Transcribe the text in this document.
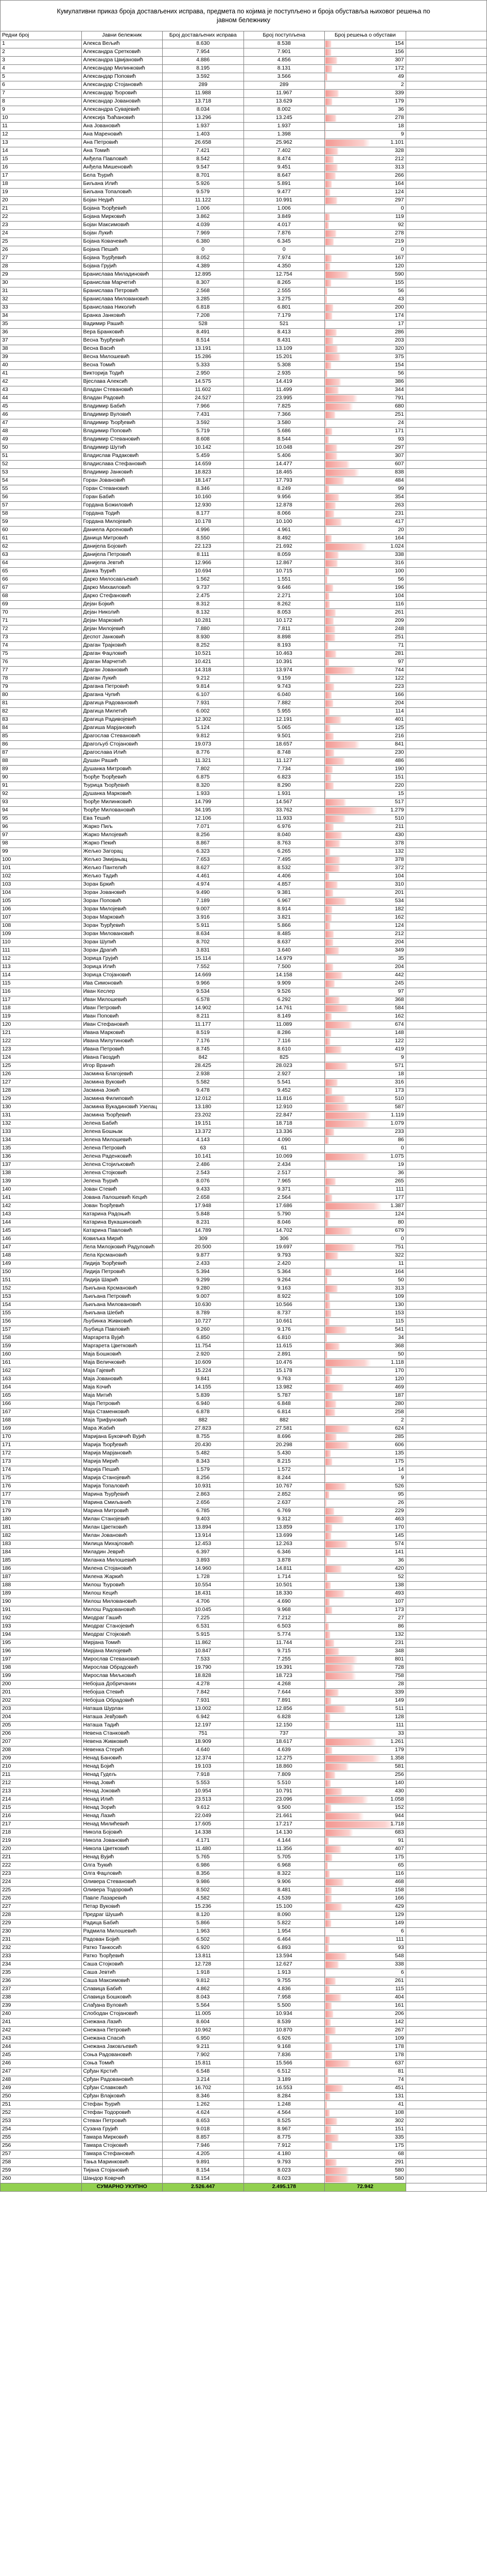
Кумулативни приказ броја достављених исправа, предмета по којима је поступљено и броја обуставља њиховог решења по јавном бележнику					
Редни број	Јавни бележник	Број достављених исправа	Број поступљена	Број решења о обустави	
1	Алекса Вељић	8.630	8.538	154	
2	Александра Сретковић	7.954	7.901	156	
3	Александра Цвијановић	4.886	4.856	307	
4	Александар Милинковић	8.195	8.131	172	
5	Александар Поповић	3.592	3.566	49	
6	Александар Стојановић	289	289	2	
7	Александар Ђоровић	11.988	11.967	339	
8	Александар Јовановић	13.718	13.629	179	
9	Александра Сувајевић	8.034	8.002	36	
10	Алексија Ђаћановић	13.296	13.245	278	
11	Ана Јовановић	1.937	1.937	18	
12	Ана Мареновић	1.403	1.398	9	
13	Ана Петровић	26.658	25.962	1.101	
14	Ана Томић	7.421	7.402	328	
15	Анђела Павловић	8.542	8.474	212	
16	Анђела Мишеновић	9.547	9.451	313	
17	Бела Ђурић	8.701	8.647	266	
18	Биљана Илић	5.926	5.891	164	
19	Биљана Топаловић	9.579	9.477	124	
20	Бојан Недић	11.122	10.991	297	
21	Бојана Ђорђевић	1.006	1.006	0	
22	Бојана Мирковић	3.862	3.849	119	
23	Бојан Максимовић	4.039	4.017	92	
24	Бојан Лукић	7.969	7.876	278	
25	Бојана Ковачевић	6.380	6.345	219	
26	Бојана Пешић	0	0	0	
27	Бојана Ђурђевић	8.052	7.974	167	
28	Бојана Грујић	4.389	4.350	120	
29	Бранислава Миладиновић	12.895	12.754	590	
30	Бранислав Марчетић	8.307	8.265	155	
31	Бранислава Петровић	2.568	2.555	56	
32	Бранислава Миловановић	3.285	3.275	43	
33	Бранислава Николић	6.818	6.801	200	
34	Бранка Јанковић	7.208	7.179	174	
35	Вадимир Рашић	528	521	17	
36	Вера Бранковић	8.491	8.413	286	
37	Весна Ђурђевић	8.514	8.431	203	
38	Весна Васић	13.191	13.109	320	
39	Весна Милошевић	15.286	15.201	375	
40	Весна Томић	5.333	5.308	154	
41	Викторија Тодић	2.950	2.935	56	
42	Вјеслава Алексић	14.575	14.419	386	
43	Владан Стевановић	11.602	11.499	344	
44	Владан Радовић	24.527	23.995	791	
45	Владимир Бабић	7.966	7.825	680	
46	Владимир Вуловић	7.431	7.366	251	
47	Владимир Ђорђевић	3.592	3.580	24	
48	Владимир Поповић	5.719	5.686	171	
49	Владимир Стевановић	8.608	8.544	93	
50	Владимир Шутић	10.142	10.048	297	
51	Владислав Радаковић	5.459	5.406	307	
52	Владислава Стефановић	14.659	14.477	607	
53	Владимир Јанковић	18.823	18.465	838	
54	Горан Јовановић	18.147	17.793	484	
55	Горан Стевановић	8.346	8.249	99	
56	Горан Бабић	10.160	9.956	354	
57	Гордана Божиловић	12.930	12.878	263	
58	Гордана Тодић	8.177	8.066	231	
59	Гордана Милојевић	10.178	10.100	417	
60	Даниела Арсеновић	4.996	4.961	20	
61	Даница Митровић	8.550	8.492	164	
62	Данијела Бојовић	22.123	21.692	1.024	
63	Данијела Петровић	8.111	8.059	338	
64	Данијела Јевтић	12.966	12.867	316	
65	Данка Ђурић	10.694	10.715	100	
66	Дарко Милосављевић	1.562	1.551	56	
67	Дарко Михаиловић	9.737	9.646	196	
68	Дарко Стефановић	2.475	2.271	104	
69	Дејан Бојкић	8.312	8.262	116	
70	Дејан Николић	8.132	8.053	261	
71	Дејан Марковић	10.281	10.172	209	
72	Дејан Милојевић	7.880	7.811	248	
73	Деспот Јанковић	8.930	8.898	251	
74	Драган Трајковић	8.252	8.193	71	
75	Драган Фаџловић	10.521	10.463	281	
76	Драган Марчетић	10.421	10.391	97	
77	Драган Јовановић	14.318	13.974	744	
78	Драган Лукић	9.212	9.159	122	
79	Драгана Петровић	9.814	9.743	223	
80	Драгана Чупић	6.107	6.040	166	
81	Драгица Радовановић	7.931	7.882	204	
82	Драгица Милетић	6.002	5.955	114	
83	Драгица Радивојевић	12.302	12.191	401	
84	Драгиша Марјановић	5.124	5.065	125	
85	Драгослав Стевановић	9.812	9.501	216	
86	Драгољуб Стојановић	19.073	18.657	841	
87	Драгослава Илић	8.776	8.748	230	
88	Душан Рашић	11.321	11.127	486	
89	Душанка Митровић	7.802	7.734	190	
90	Ђорђе Ђорђевић	6.875	6.823	151	
91	Ђурица Ђорђевић	8.320	8.290	220	
92	Душанка Марковић	1.933	1.931	15	
93	Ђорђе Милинковић	14.799	14.567	517	
94	Ђорђе Миловановић	34.195	33.762	1.279	
95	Ева Тешић	12.106	11.933	510	
96	Жарко Пиљ	7.071	6.976	211	
97	Жарко Милојевић	8.256	8.040	430	
98	Жарко Пекић	8.867	8.763	378	
99	Жељко Загорац	6.323	6.265	132	
100	Жељко Змијањац	7.653	7.495	378	
101	Жељко Пантелић	8.627	8.532	372	
102	Жељко Тадић	4.461	4.406	104	
103	Зоран Бркић	4.974	4.857	310	
104	Зоран Јовановић	9.490	9.381	201	
105	Зоран Поповић	7.189	6.967	534	
106	Зоран Милојевић	9.007	8.914	182	
107	Зоран Марковић	3.916	3.821	162	
108	Зоран Ђурђевић	5.911	5.866	124	
109	Зоран Миловановић	8.634	8.485	212	
110	Зоран Шупић	8.702	8.637	204	
111	Зоран Драгић	3.831	3.640	349	
112	Зорица Грујић	15.114	14.979	35	
113	Зорица Илић	7.552	7.500	204	
114	Зорица Стојановић	14.669	14.158	442	
115	Ива Симоновић	9.966	9.909	245	
116	Иван Кеслер	9.534	9.526	97	
117	Иван Милошевић	6.578	6.292	368	
118	Иван Петровић	14.902	14.761	584	
119	Иван Поповић	8.211	8.149	162	
120	Иван Стефановић	11.177	11.089	674	
121	Ивана Марковић	8.519	8.286	148	
122	Ивана Милутиновић	7.176	7.116	122	
123	Ивана Петровић	8.745	8.610	419	
124	Ивана Гвоздић	842	825	9	
125	Игор Вранић	28.425	28.023	571	
126	Јасмина Благојевић	2.938	2.927	18	
127	Јасмина Вуковић	5.582	5.541	316	
128	Јасмина Јокић	9.478	9.452	173	
129	Јасмина Филиповић	12.012	11.816	510	
130	Јасмина Вукадиновић Узелац	13.180	12.910	587	
131	Јасмина Ђорђевић	23.202	22.847	1.119	
132	Јелена Бабић	19.151	18.718	1.079	
133	Јелена Бошњак	13.372	13.336	233	
134	Јелена Милошевић	4.143	4.090	86	
135	Јелена Петровић	63	61	0	
136	Јелена Раденковић	10.141	10.069	1.075	
137	Јелена Стојиљковић	2.486	2.434	19	
138	Јелена Стојковић	2.543	2.517	36	
139	Јелена Ђурић	8.076	7.965	265	
140	Јован Стевић	9.433	9.371	111	
141	Јована Лалошевић Кецић	2.658	2.564	177	
142	Јован Ђорђевић	17.948	17.686	1.387	
143	Катарина Радоњић	5.848	5.790	124	
144	Катарина Вукашиновић	8.231	8.046	80	
145	Катарина Павловић	14.789	14.702	679	
146	Ковиљка Мирић	309	306	0	
147	Лела Милојковић Радуловић	20.500	19.697	751	
148	Лела Крсмановић	9.877	9.793	322	
149	Лидија Ђорђевић	2.433	2.420	11	
150	Лидија Петровић	5.394	5.364	164	
151	Лидија Шарић	9.299	9.264	50	
152	Љиљана Крсмановић	9.280	9.163	313	
153	Љиљана Петровић	9.007	8.922	109	
154	Љиљана Миловановић	10.630	10.566	130	
155	Љиљана Шебић	8.789	8.737	153	
156	Љубинка Живковић	10.727	10.661	115	
157	Љубица Павловић	9.260	9.176	541	
158	Маргарета Вујић	6.850	6.810	34	
159	Маргарета Цветковић	11.754	11.615	368	
160	Маја Бошковић	2.920	2.891	50	
161	Маја Величковић	10.609	10.476	1.118	
162	Маја Гајевић	15.224	15.178	170	
163	Маја Јовановић	9.841	9.763	120	
164	Маја Кочић	14.155	13.982	469	
165	Маја Митић	5.839	5.787	187	
166	Маја Петровић	6.940	6.848	280	
167	Маја Стаменковић	6.878	6.814	258	
168	Маја Трифуновић	882	882	2	
169	Мара Жабић	27.823	27.581	624	
170	Маријана Буковчић Вујић	8.755	8.696	285	
171	Марија Ђорђевић	20.430	20.298	606	
172	Марија Марјановић	5.482	5.430	135	
173	Марија Мирић	8.343	8.215	175	
174	Марија Пешић	1.579	1.572	14	
175	Марија Станојевић	8.256	8.244	9	
176	Марија Топаловић	10.931	10.767	526	
177	Марина Ђурђевић	2.863	2.852	95	
178	Марина Смиљанић	2.656	2.637	26	
179	Марина Митровић	6.785	6.769	229	
180	Милан Станојевић	9.403	9.312	463	
181	Милан Цветковић	13.894	13.859	170	
182	Милан Јовановић	13.914	13.699	145	
183	Милица Михајловић	12.453	12.263	574	
184	Миладин Јеврић	6.397	6.346	141	
185	Миланка Милошевић	3.893	3.878	36	
186	Милена Стојановић	14.960	14.811	420	
187	Милена Жаркић	1.728	1.714	52	
188	Милош Ђуровић	10.554	10.501	138	
189	Милош Кецић	18.431	18.330	493	
190	Милош Миловановић	4.706	4.690	107	
191	Милош Радовановић	10.045	9.968	173	
192	Миодраг Гашић	7.225	7.212	27	
193	Миодраг Станојевић	6.531	6.503	86	
194	Миодраг Стојковић	5.915	5.774	132	
195	Мирјана Томић	11.862	11.744	231	
196	Мирјана Милојевић	10.847	9.715	348	
197	Мирослав Стевановић	7.533	7.255	801	
198	Мирослав Обрадовић	19.790	19.391	728	
199	Мирослав Миљковић	18.828	18.723	758	
200	Небојша Добричанин	4.278	4.268	28	
201	Небојша Стевић	7.842	7.644	339	
202	Небојша Обрадовић	7.931	7.891	149	
203	Наташа Шурлан	13.002	12.856	511	
204	Наташа Јевђовић	6.942	6.828	128	
205	Наташа Тадић	12.197	12.150	111	
206	Невена Станковић	751	737	33	
207	Невена Живковић	18.909	18.617	1.261	
208	Невенка Стерић	4.640	4.639	179	
209	Ненад Бановић	12.374	12.275	1.358	
210	Ненад Бојић	19.103	18.860	581	
211	Ненад Гудељ	7.918	7.809	256	
212	Ненад Јовић	5.553	5.510	140	
213	Ненад Јоковић	10.954	10.791	430	
214	Ненад Илић	23.513	23.096	1.058	
215	Ненад Зорић	9.612	9.500	152	
216	Ненад Лазић	22.049	21.661	944	
217	Ненад Милићевић	17.605	17.217	1.718	
218	Никола Бојовић	14.338	14.130	683	
219	Никола Јовановић	4.171	4.144	91	
220	Никола Цветковић	11.480	11.356	407	
221	Ненад Вујић	5.765	5.705	175	
222	Олга Ђукић	6.986	6.968	65	
223	Олга Фаџловић	8.356	8.322	116	
224	Оливера Стевановић	9.986	9.906	468	
225	Оливера Тодоровић	8.502	8.481	158	
226	Павле Лазаревић	4.582	4.539	166	
227	Петар Вуковић	15.236	15.100	429	
228	Предраг Шушић	8.120	8.090	129	
229	Радица Бабић	5.866	5.822	149	
230	Радмила Милошевић	1.963	1.954	6	
231	Радован Бојић	6.502	6.464	111	
232	Ратко Танкосић	6.920	6.893	93	
233	Ратко Ђорђевић	13.811	13.594	548	
234	Саша Стојковић	12.728	12.627	338	
235	Саша Јевтић	1.918	1.913	6	
236	Саша Максимовић	9.812	9.755	261	
237	Славица Бабић	4.862	4.836	115	
238	Славица Бошковић	8.043	7.958	404	
239	Слађана Вуловић	5.564	5.500	161	
240	Слободан Стојановић	11.005	10.934	206	
241	Снежана Лазић	8.604	8.539	142	
242	Снежана Петровић	10.962	10.870	267	
243	Снежана Спасић	6.950	6.926	109	
244	Снежана Јаковљевић	9.211	9.168	178	
245	Соња Радовановић	7.902	7.836	178	
246	Соња Томић	15.811	15.566	637	
247	Срђан Крстић	6.548	6.512	81	
248	Срђан Радовановић	3.214	3.189	74	
249	Срђан Славковић	16.702	16.553	451	
250	Срђан Влајковић	8.346	8.284	131	
251	Стефан Ђурић	1.262	1.248	41	
252	Стефан Тодоровић	4.624	4.564	108	
253	Стеван Петровић	8.653	8.525	302	
254	Сузана Грујић	9.018	8.967	151	
255	Тамара Мирковић	8.857	8.775	335	
256	Тамара Стојковић	7.946	7.912	175	
257	Тамара Стефановић	4.205	4.180	68	
258	Тања Маринковић	9.891	9.793	291	
259	Тијана Стојановић	8.154	8.023	580	
260	Шандор Коврчић	8.154	8.023	580	
	СУМАРНО УКУПНО	2.526.447	2.495.178	72.942	
